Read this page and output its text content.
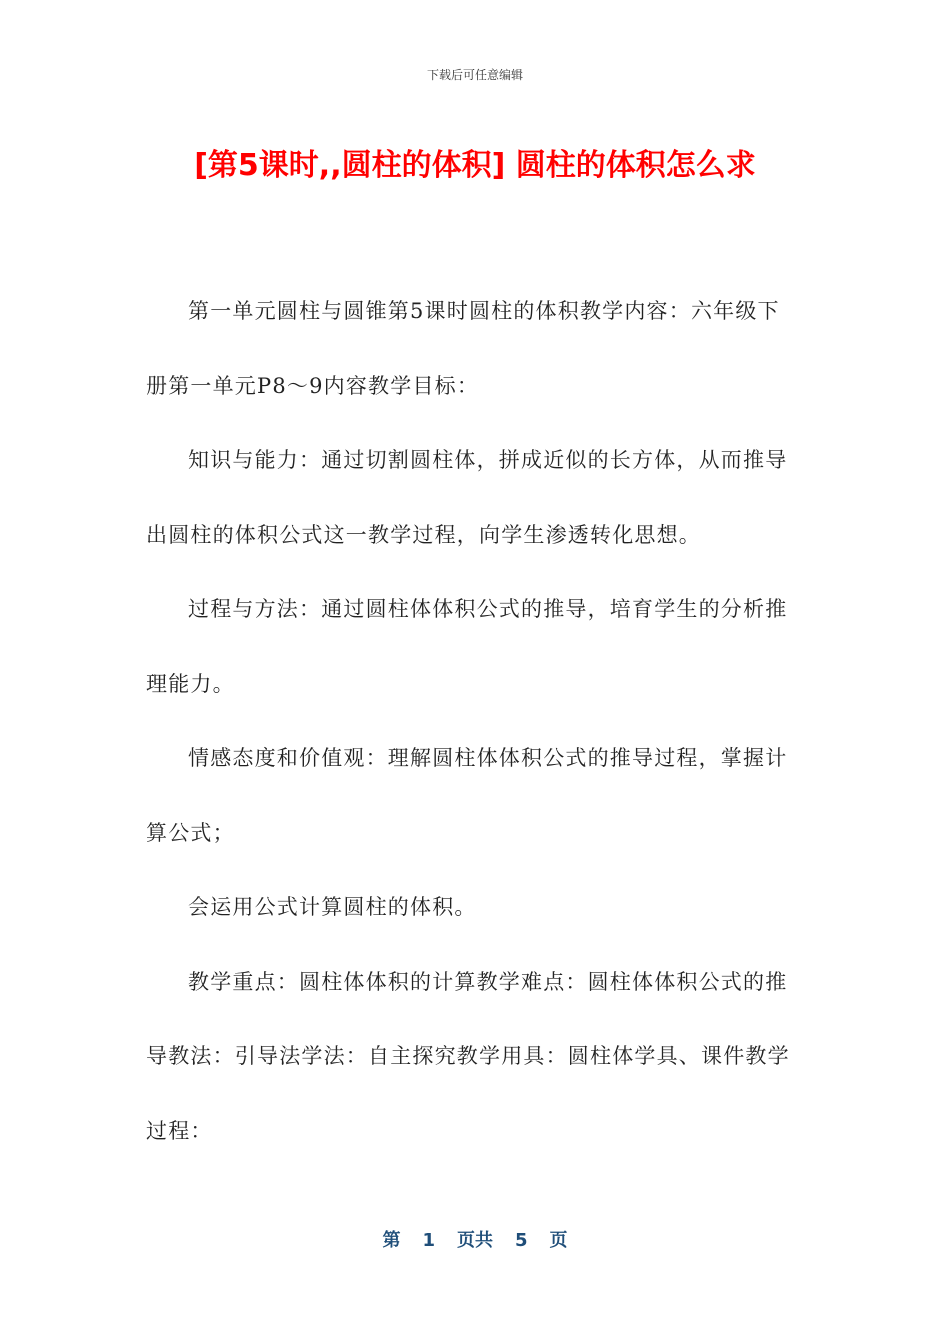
下载后可任意编辑
[第5课时,,圆柱的体积] 圆柱的体积怎么求

第一单元圆柱与圆锥第5课时圆柱的体积教学内容：六年级下册第一单元P8～9内容教学目标：

知识与能力：通过切割圆柱体，拼成近似的长方体，从而推导出圆柱的体积公式这一教学过程，向学生渗透转化思想。

过程与方法：通过圆柱体体积公式的推导，培育学生的分析推理能力。

情感态度和价值观：理解圆柱体体积公式的推导过程，掌握计算公式；

会运用公式计算圆柱的体积。

教学重点：圆柱体体积的计算教学难点：圆柱体体积公式的推导教法：引导法学法：自主探究教学用具：圆柱体学具、课件教学过程：

第 1 页共 5 页
